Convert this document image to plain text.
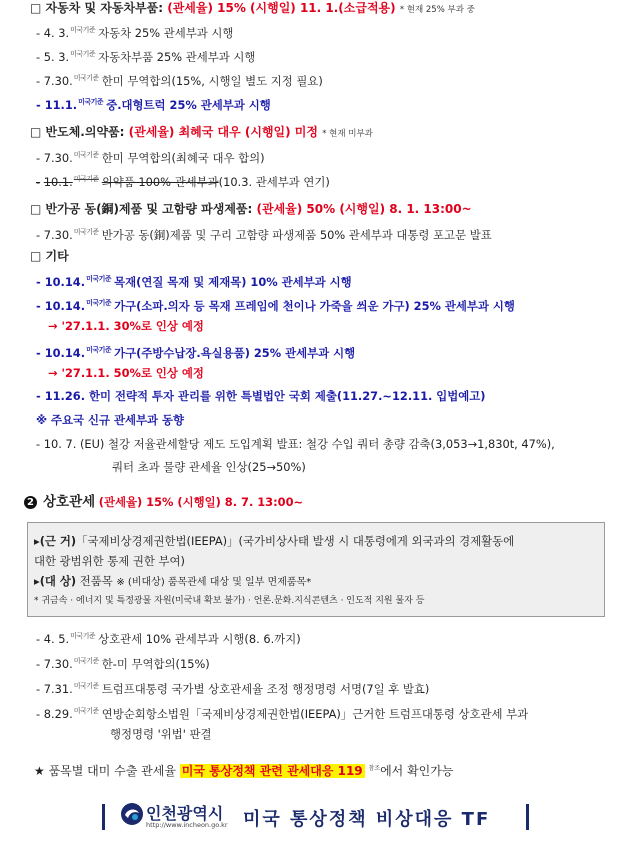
□ 자동차 및 자동차부품: (관세율) 15% (시행일) 11. 1.(소급적용) * 현재 25% 부과 중
- 4. 3.$^{미국기준}$ 자동차 25% 관세부과 시행
- 5. 3.$^{미국기준}$ 자동차부품 25% 관세부과 시행
- 7.30.$^{미국기준}$ 한미 무역합의(15%, 시행일 별도 지정 필요)
- 11.1.$^{미국기준}$ 중.대형트럭 25% 관세부과 시행
□ 반도체.의약품: (관세율) 최혜국 대우 (시행일) 미정 * 현재 미부과
- 7.30.$^{미국기준}$ 한미 무역합의(최혜국 대우 합의)
- 10.1.$^{미국기준}$ 의약품 100% 관세부과(10.3. 관세부과 연기)
□ 반가공 동(銅)제품 및 고함량 파생제품: (관세율) 50% (시행일) 8. 1. 13:00~
- 7.30.$^{미국기준}$ 반가공 동(銅)제품 및 구리 고함량 파생제품 50% 관세부과 대통령 포고문 발표
□ 기타
- 10.14.$^{미국기준}$ 목재(연질 목재 및 제재목) 10% 관세부과 시행
- 10.14.$^{미국기준}$ 가구(소파.의자 등 목재 프레임에 천이나 가죽을 씌운 가구) 25% 관세부과 시행
→ '27.1.1. 30%로 인상 예정
- 10.14.$^{미국기준}$ 가구(주방수납장.욕실용품) 25% 관세부과 시행
→ '27.1.1. 50%로 인상 예정
- 11.26. 한미 전략적 투자 관리를 위한 특별법안 국회 제출(11.27.~12.11. 입법예고)
※ 주요국 신규 관세부과 동향
- 10. 7. (EU) 철강 저율관세할당 제도 도입계획 발표: 철강 수입 쿼터 총량 감축(3,053→1,830t, 47%),
쿼터 초과 물량 관세율 인상(25→50%)
2 상호관세 (관세율) 15% (시행일) 8. 7. 13:00~
▸(근 거)「국제비상경제권한법(IEEPA)」(국가비상사태 발생 시 대통령에게 외국과의 경제활동에
대한 광범위한 통제 권한 부여)
▸(대 상) 전품목 ※ (비대상) 품목관세 대상 및 일부 면제품목*
* 귀금속 · 에너지 및 특정광물 자원(미국내 확보 불가) · 언론.문화.지식콘텐츠 · 인도적 지원 물자 등
- 4. 5.$^{미국기준}$ 상호관세 10% 관세부과 시행(8. 6.까지)
- 7.30.$^{미국기준}$ 한-미 무역합의(15%)
- 7.31.$^{미국기준}$ 트럼프대통령 국가별 상호관세율 조정 행정명령 서명(7일 후 발효)
- 8.29.$^{미국기준}$ 연방순회항소법원「국제비상경제권한법(IEEPA)」근거한 트럼프대통령 상호관세 부과
행정명령 '위법' 판결
★ 품목별 대미 수출 관세율 미국 통상정책 관련 관세대응 119 $^{참조}$에서 확인가능
인천광역시
http://www.incheon.go.kr 미국 통상정책 비상대응 TF
